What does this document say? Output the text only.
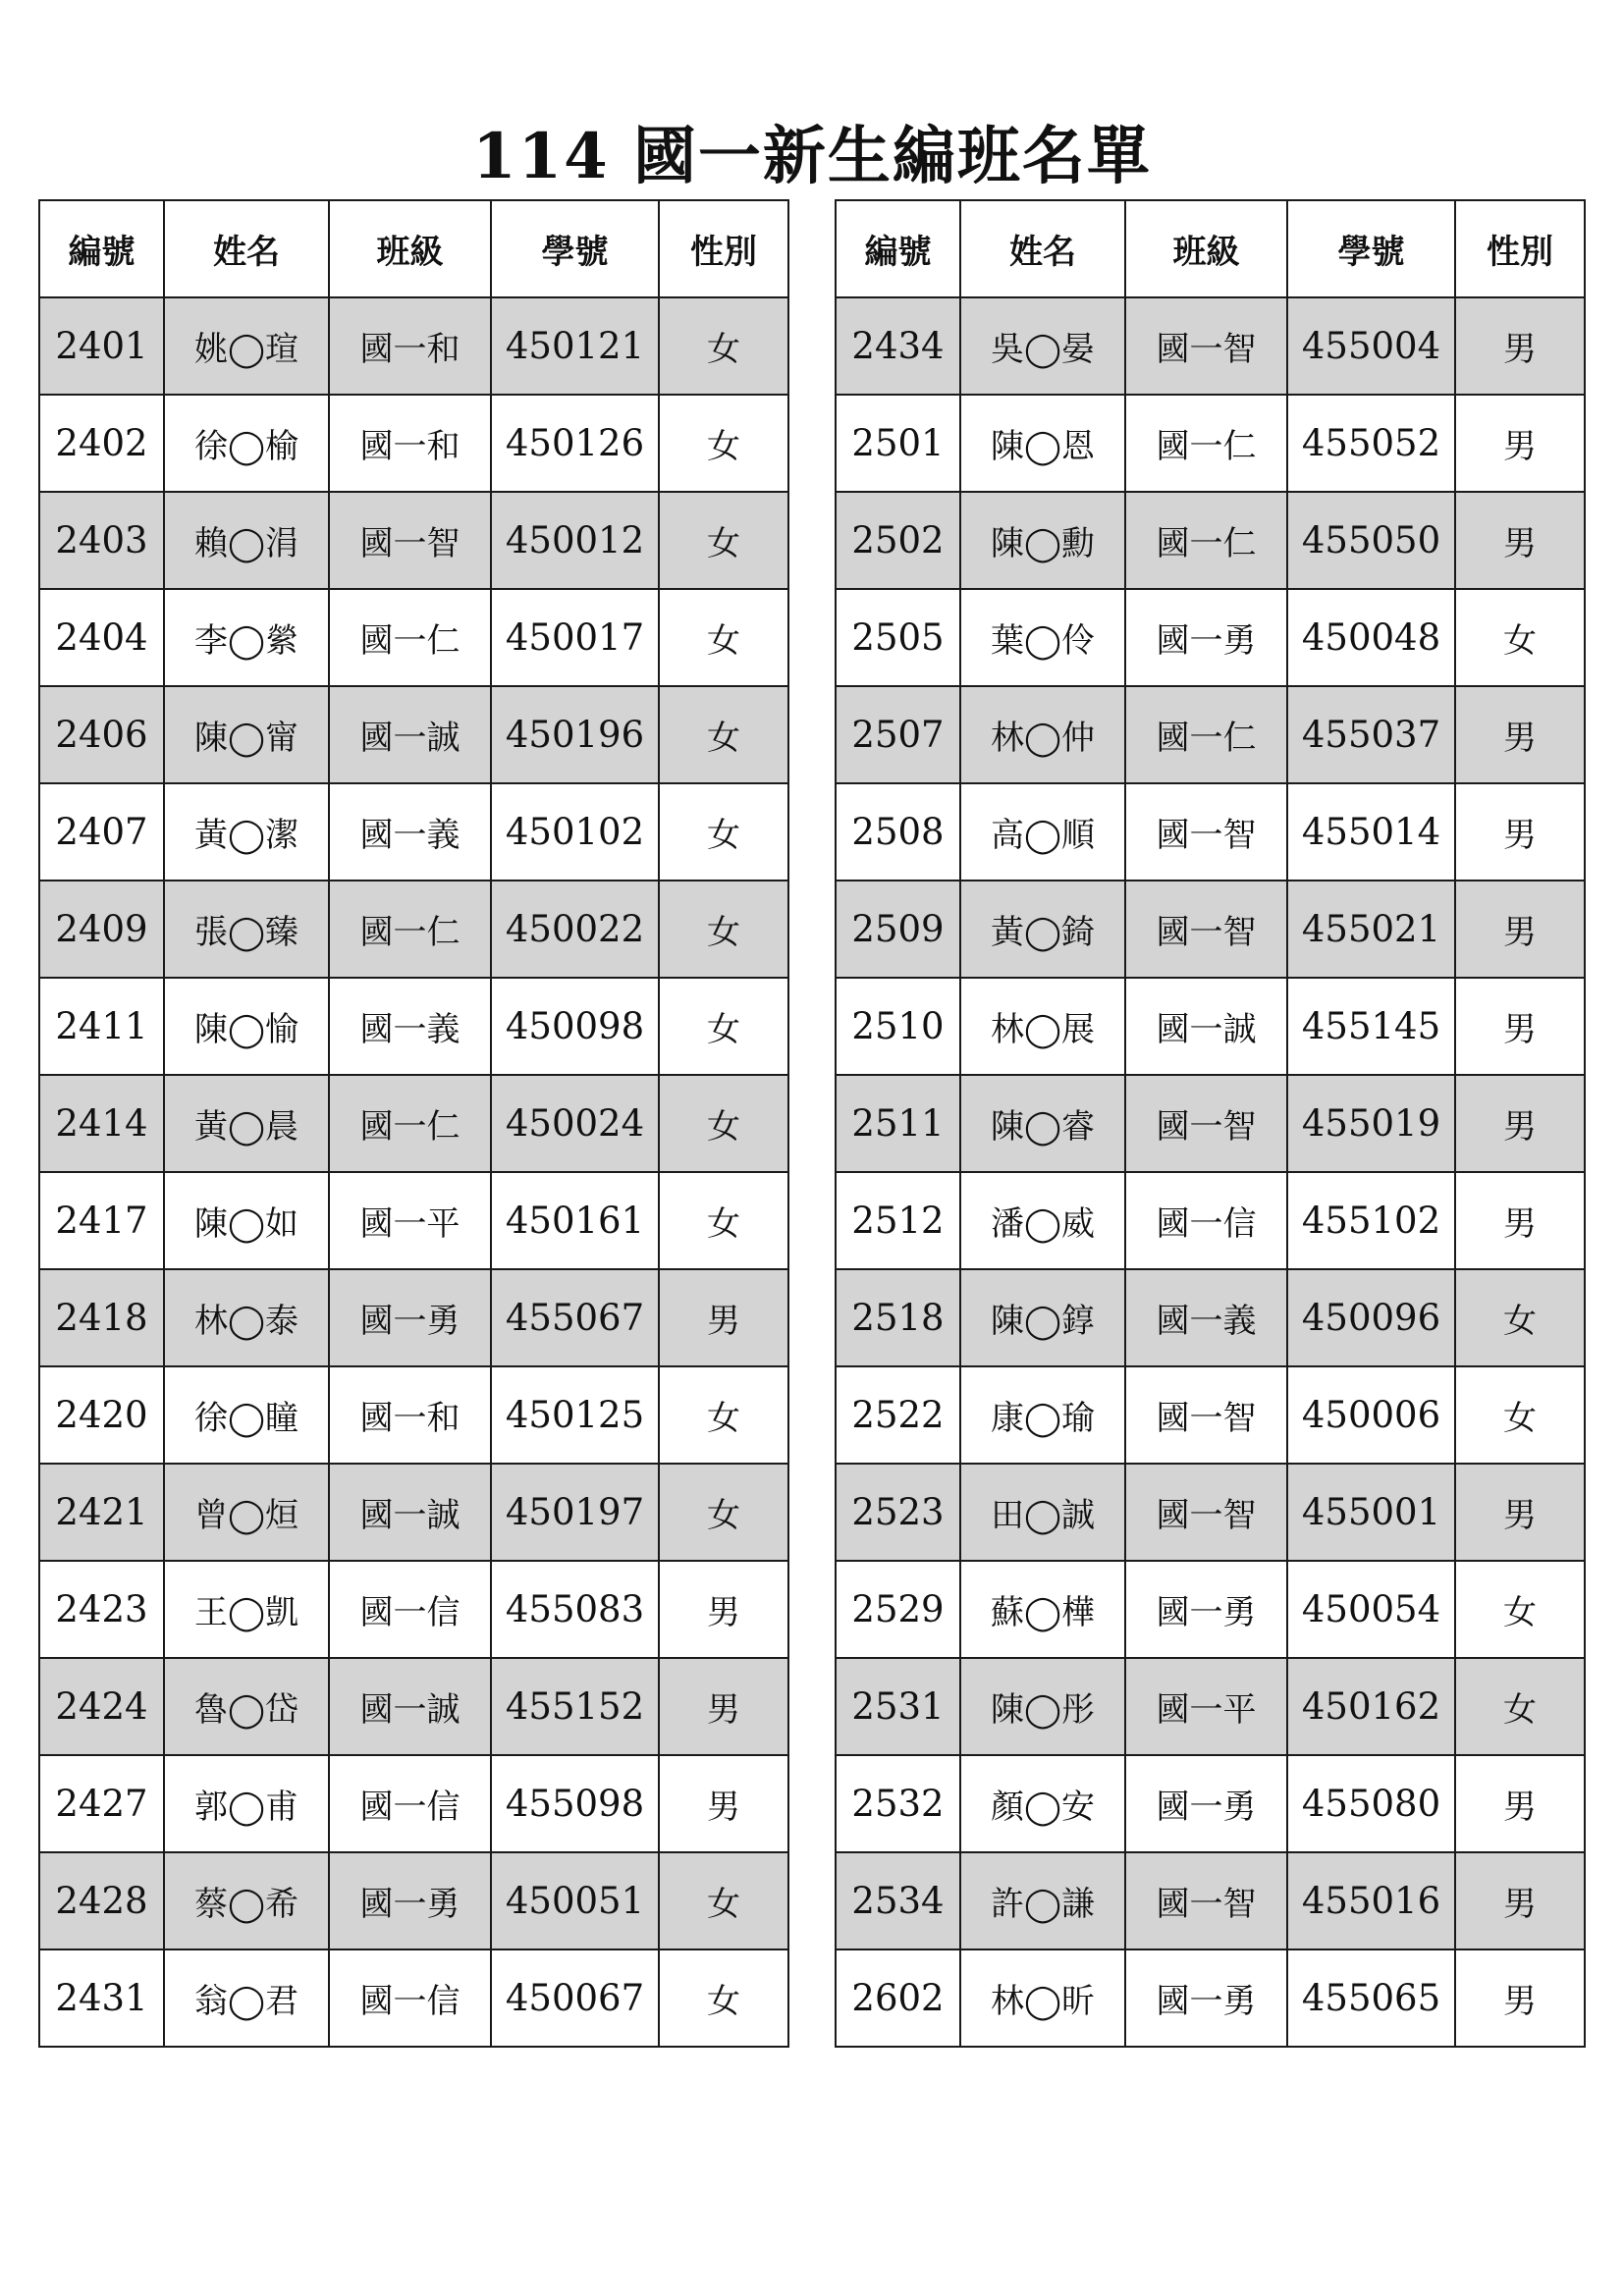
114 國一新生編班名單
編號	姓名	班級	學號	性別
2401	姚◯瑄	國一和	450121	女
2402	徐◯榆	國一和	450126	女
2403	賴◯涓	國一智	450012	女
2404	李◯縈	國一仁	450017	女
2406	陳◯甯	國一誠	450196	女
2407	黃◯潔	國一義	450102	女
2409	張◯臻	國一仁	450022	女
2411	陳◯愉	國一義	450098	女
2414	黃◯晨	國一仁	450024	女
2417	陳◯如	國一平	450161	女
2418	林◯泰	國一勇	455067	男
2420	徐◯瞳	國一和	450125	女
2421	曾◯烜	國一誠	450197	女
2423	王◯凱	國一信	455083	男
2424	魯◯岱	國一誠	455152	男
2427	郭◯甫	國一信	455098	男
2428	蔡◯希	國一勇	450051	女
2431	翁◯君	國一信	450067	女
編號	姓名	班級	學號	性別
2434	吳◯晏	國一智	455004	男
2501	陳◯恩	國一仁	455052	男
2502	陳◯勳	國一仁	455050	男
2505	葉◯伶	國一勇	450048	女
2507	林◯仲	國一仁	455037	男
2508	高◯順	國一智	455014	男
2509	黃◯錡	國一智	455021	男
2510	林◯展	國一誠	455145	男
2511	陳◯睿	國一智	455019	男
2512	潘◯威	國一信	455102	男
2518	陳◯錞	國一義	450096	女
2522	康◯瑜	國一智	450006	女
2523	田◯誠	國一智	455001	男
2529	蘇◯樺	國一勇	450054	女
2531	陳◯彤	國一平	450162	女
2532	顏◯安	國一勇	455080	男
2534	許◯謙	國一智	455016	男
2602	林◯昕	國一勇	455065	男
